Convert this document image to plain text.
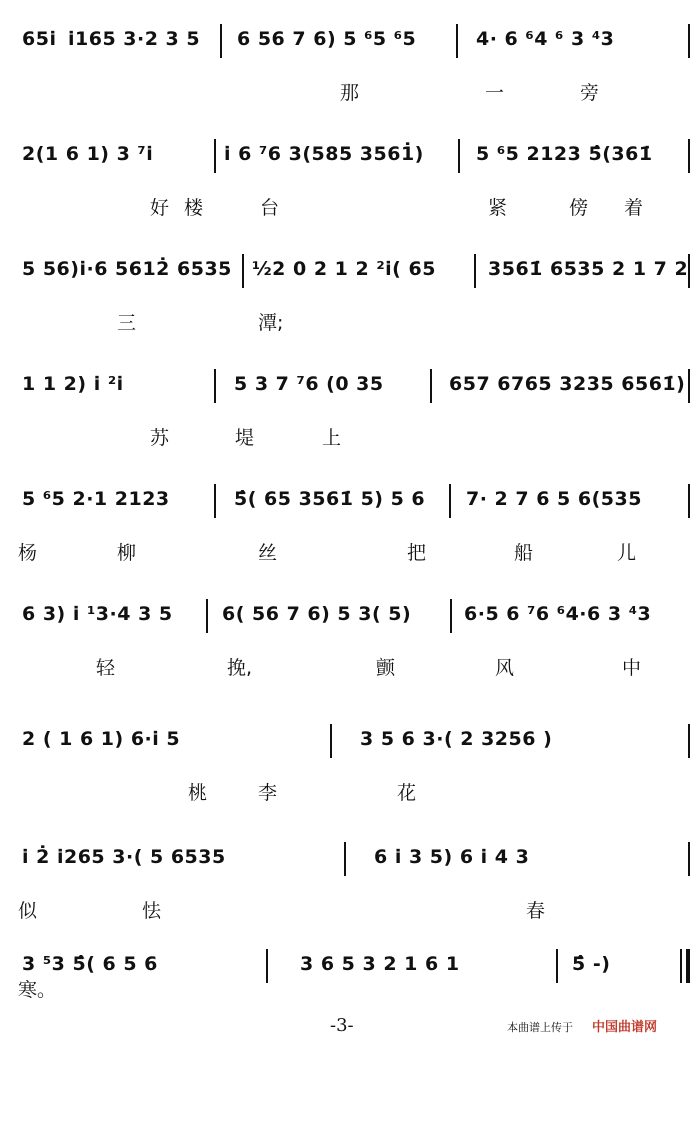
65i̇

i̇165 3·2 3 5

6 56 7 6) 5 ⁶5 ⁶5

	4· 6 ⁶4 ⁶ 3 ⁴3

那	一	旁

2(1 6 1) 3 ⁷i̇

	i̇ 6 ⁷6 3(585 3561̇)

	5 ⁶5 2123 5̂(361̇

好 楼	台	紧	傍 着

5 56)i̇·6 5612̇ 6535

½2 0 2 1 2 ²i̇( 65

	3561̇ 6535 2 1 7 2

三	潭;

1 1 2) i̇ ²i̇

	5 3 7 ⁷6 (0 35

	657 6765 3235 6561̇)

苏	堤	上

5 ⁶5 2·1 2123

	5̂( 65 3561̇ 5) 5 6

7· 2 7 6 5 6(535

杨	柳	丝	把	船	儿

6 3) i̇ ¹3·4 3 5

	6( 56 7 6) 5 3( 5)

	6·5 6 ⁷6 ⁶4·6 3 ⁴3

轻	挽,	颤	风	中

2 ( 1 6 1) 6·i̇ 5

	3 5 6 3·( 2 3256 )

桃	李	花

i̇ 2̇ i̇265 3·( 5 6535

	6 i̇ 3 5) 6 i̇ 4 3

似	怯	春

3 ⁵3 5̂( 6 5 6

	3 6 5 3 2 1 6 1

	5̂ -)

寒。
-3-	本曲谱上传于 中国曲谱网
